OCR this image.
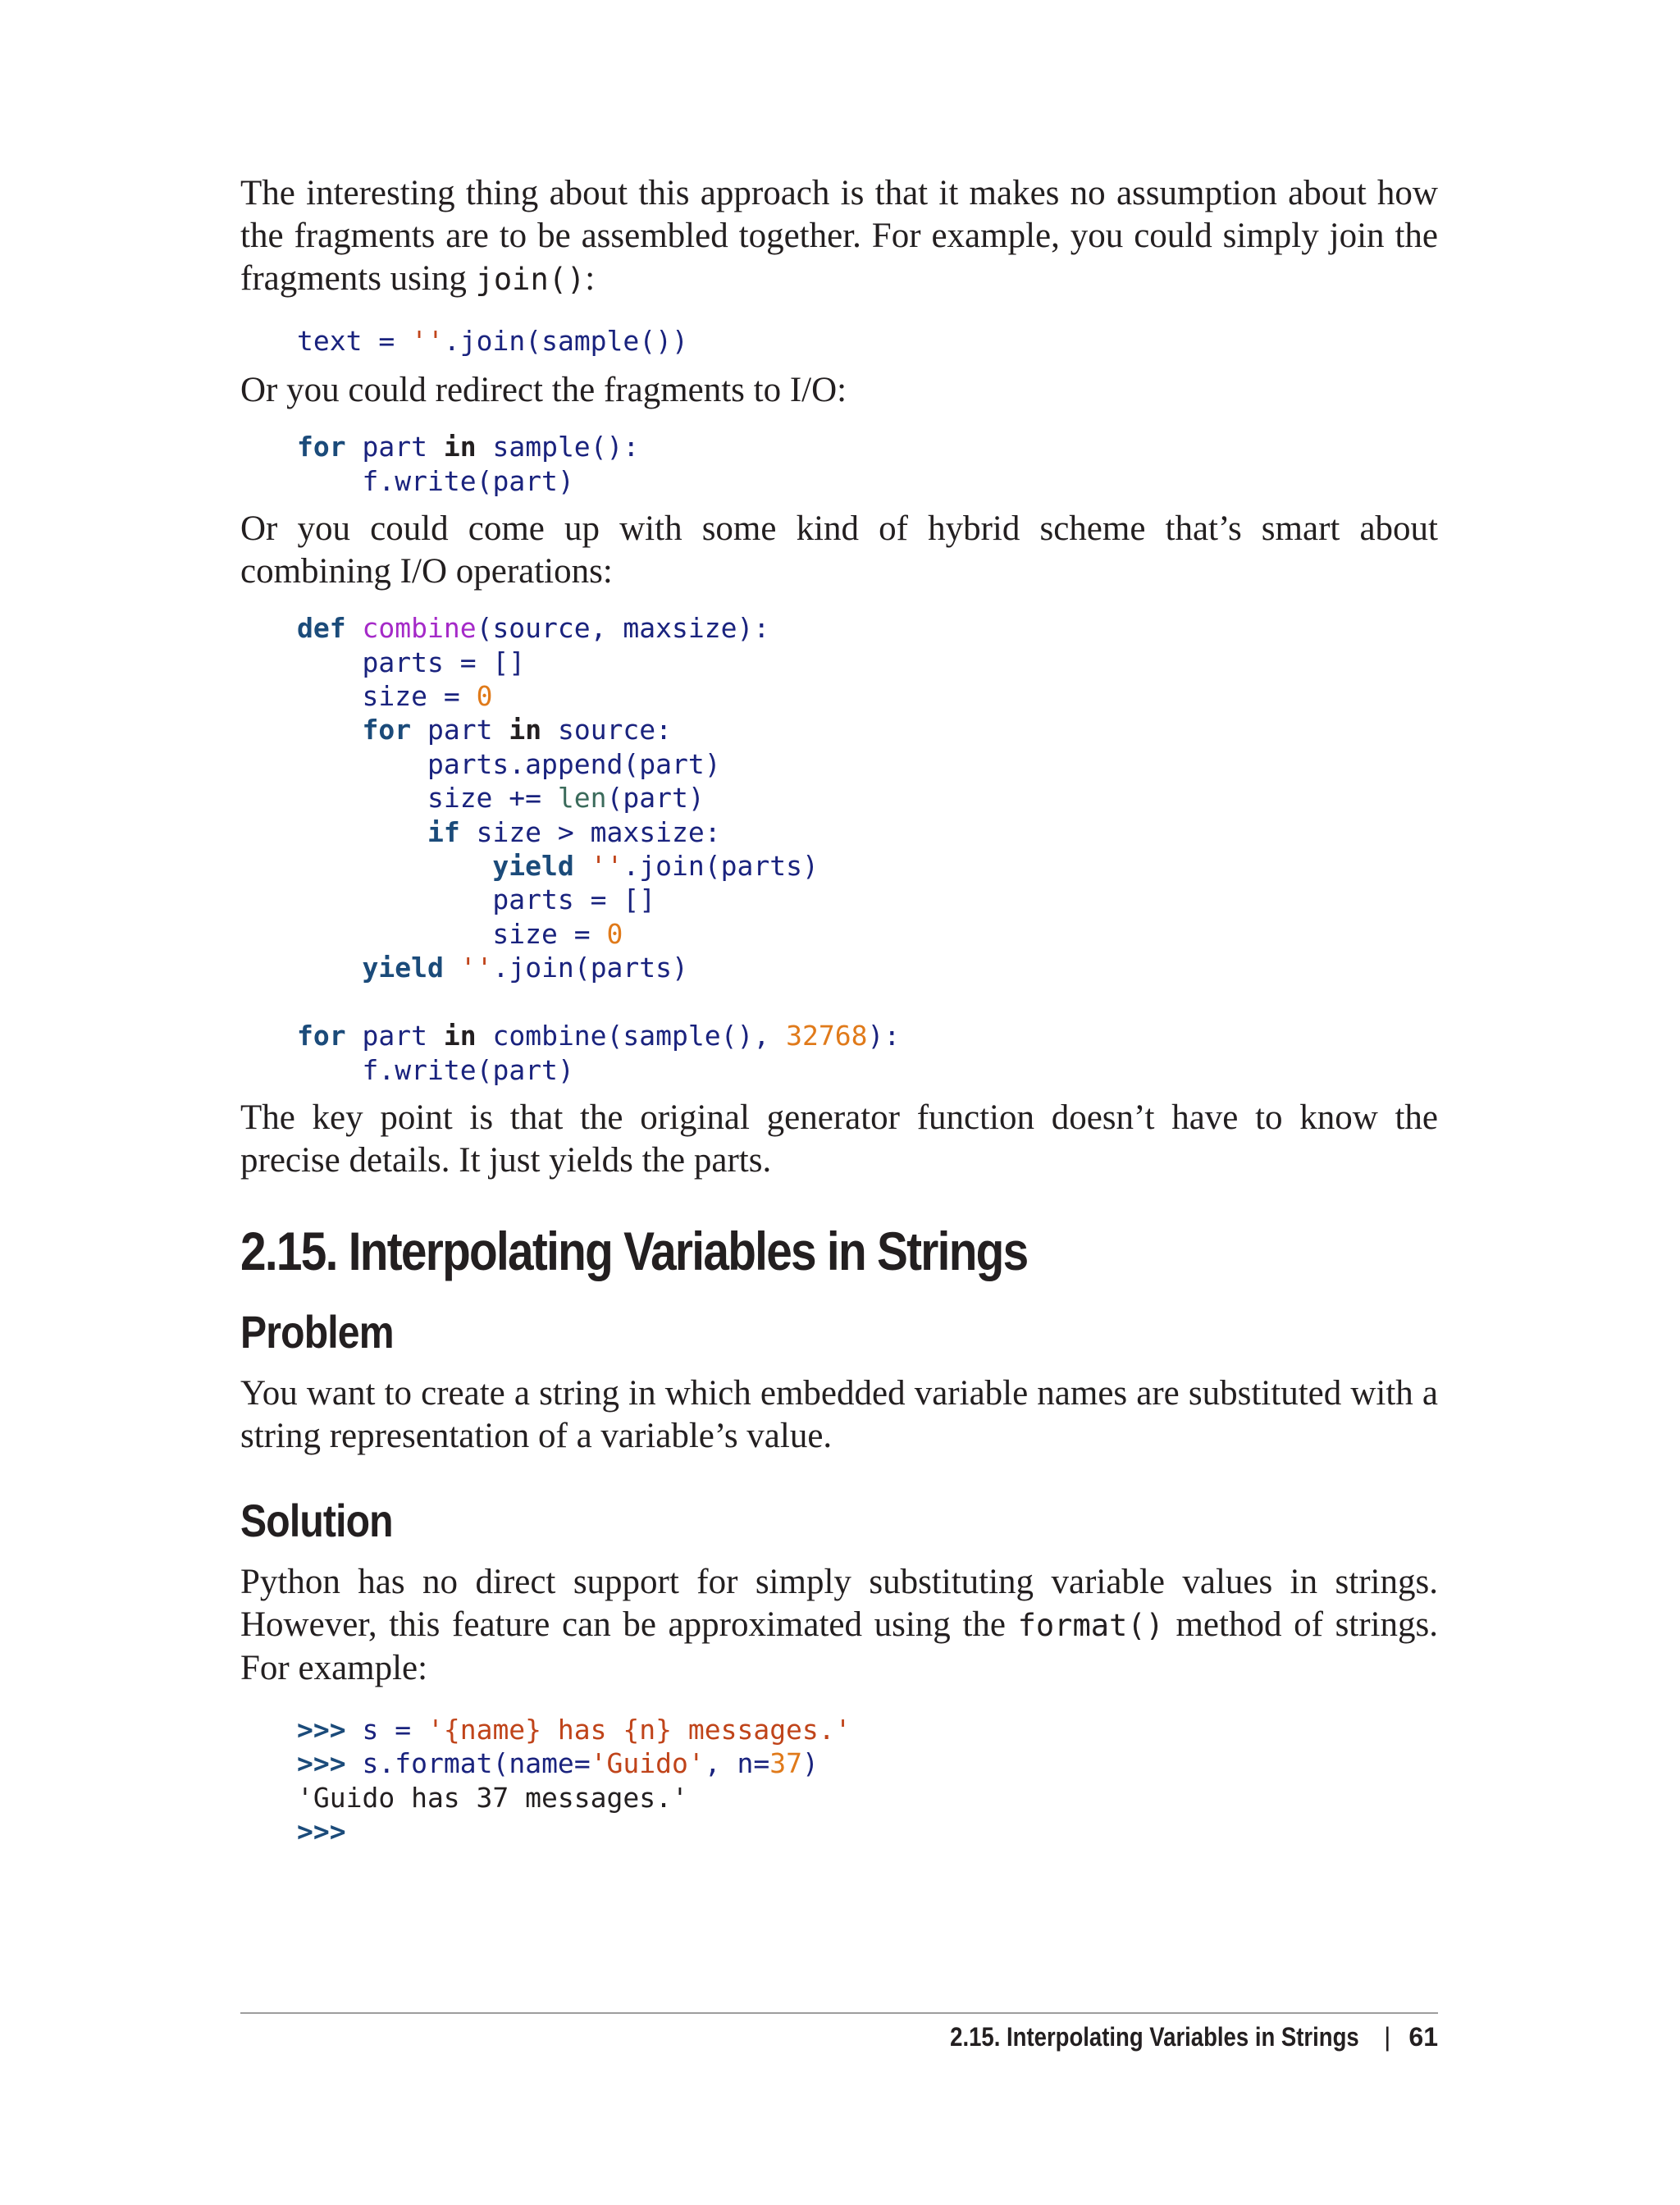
The interesting thing about this approach is that it makes no assumption about how the fragments are to be assembled together. For example, you could simply join the fragments using join():

text = ''.join(sample())

Or you could redirect the fragments to I/O:

for part in sample():
f.write(part)

Or you could come up with some kind of hybrid scheme that’s smart about combining I/O operations:

def combine(source, maxsize):
parts = []
size = 0
for part in source:
parts.append(part)
size += len(part)
if size > maxsize:
yield ''.join(parts)
parts = []
size = 0
yield ''.join(parts)

for part in combine(sample(), 32768):
f.write(part)

The key point is that the original generator function doesn’t have to know the precise details. It just yields the parts.

2.15. Interpolating Variables in Strings
Problem

You want to create a string in which embedded variable names are substituted with a string representation of a variable’s value.

Solution

Python has no direct support for simply substituting variable values in strings. However, this feature can be approximated using the format() method of strings. For example:

>>> s = '{name} has {n} messages.'
>>> s.format(name='Guido', n=37)
'Guido has 37 messages.'
>>>
2.15. Interpolating Variables in Strings | 61
